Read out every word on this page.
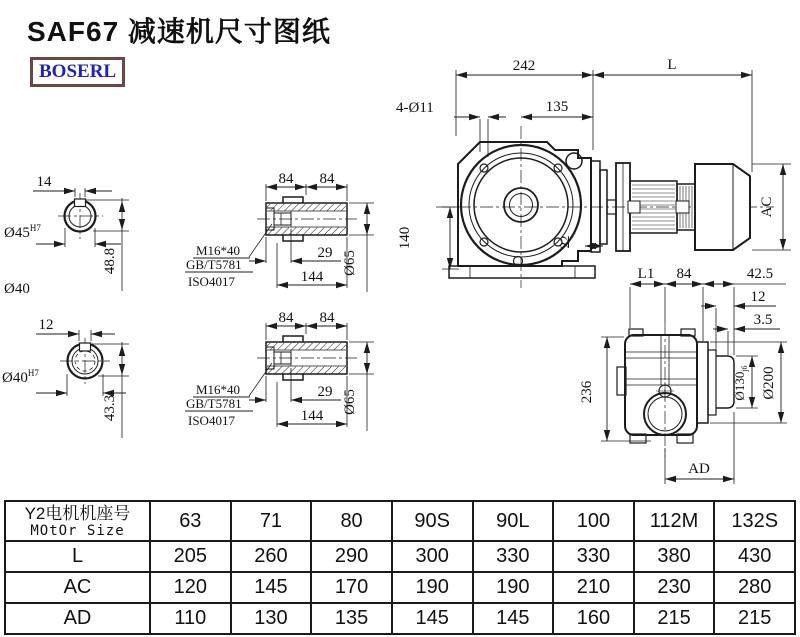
SAF67 减速机尺寸图纸
BOSERL
14
$Ø45^{H7}$
48.8
Ø40
12
$Ø40^{H7}$
43.3
84 84
29
144
Ø65
M16*40
GB/T5781
ISO4017
84 84
29
144
Ø65
M16*40
GB/T5781
ISO4017
242	L
4-Ø11	135
140	22
AC
L1 84	42.5
12
3.5
236	$Ø130_{j6}$ Ø200
AD
Y2电机机座号
MOtOr Size	63	71	80	90S	90L	100	112M	132S
L	205	260	290	300	330	330	380	430
AC	120	145	170	190	190	210	230	280
AD	110	130	135	145	145	160	215	215
